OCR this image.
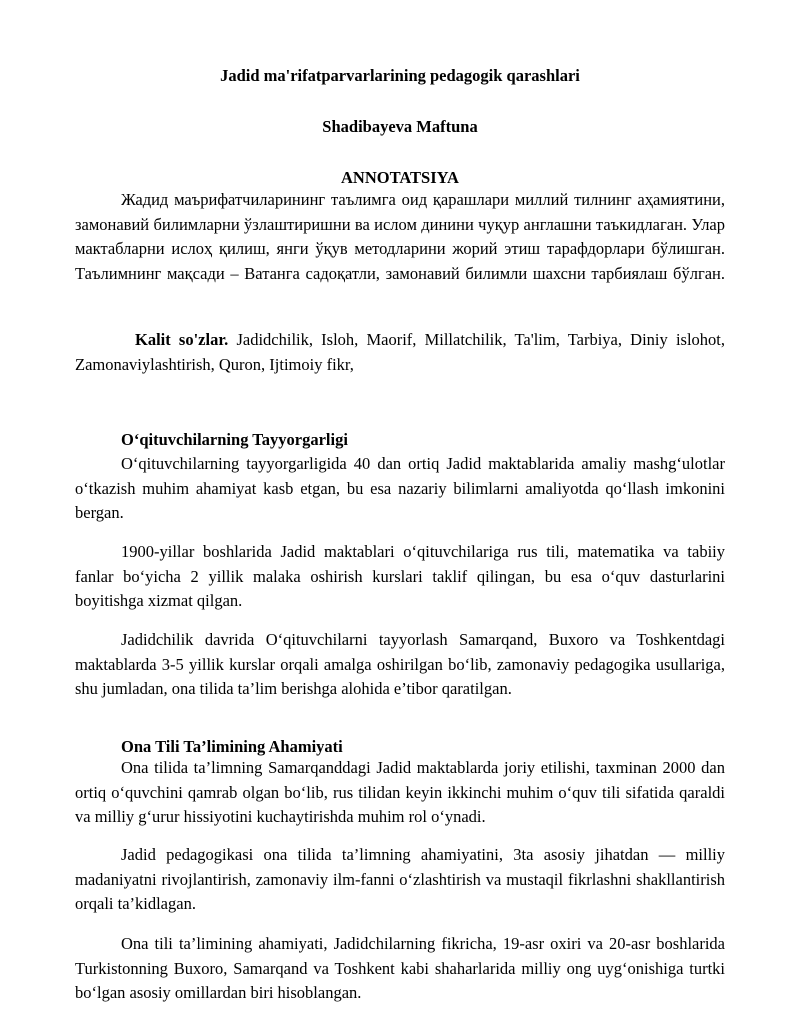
Jadid ma'rifatparvarlarining pedagogik qarashlari

Shadibayeva Maftuna

ANNOTATSIYA

Жадид маърифатчиларининг таълимга оид қарашлари миллий тилнинг аҳамиятини, замонавий билимларни ўзлаштиришни ва ислом динини чуқур англашни таъкидлаган. Улар мактабларни ислоҳ қилиш, янги ўқув методларини жорий этиш тарафдорлари бўлишган. Таълимнинг мақсади – Ватанга садоқатли, замонавий билимли шахсни тарбиялаш бўлган.

Kalit so'zlar. Jadidchilik, Isloh, Maorif, Millatchilik, Ta'lim, Tarbiya, Diniy islohot, Zamonaviylashtirish, Quron, Ijtimoiy fikr,

O‘qituvchilarning Tayyorgarligi

O‘qituvchilarning tayyorgarligida 40 dan ortiq Jadid maktablarida amaliy mashg‘ulotlar o‘tkazish muhim ahamiyat kasb etgan, bu esa nazariy bilimlarni amaliyotda qo‘llash imkonini bergan.

1900-yillar boshlarida Jadid maktablari o‘qituvchilariga rus tili, matematika va tabiiy fanlar bo‘yicha 2 yillik malaka oshirish kurslari taklif qilingan, bu esa o‘quv dasturlarini boyitishga xizmat qilgan.

Jadidchilik davrida O‘qituvchilarni tayyorlash Samarqand, Buxoro va Toshkentdagi maktablarda 3-5 yillik kurslar orqali amalga oshirilgan bo‘lib, zamonaviy pedagogika usullariga, shu jumladan, ona tilida ta’lim berishga alohida e’tibor qaratilgan.

Ona Tili Ta’limining Ahamiyati

Ona tilida ta’limning Samarqanddagi Jadid maktablarda joriy etilishi, taxminan 2000 dan ortiq o‘quvchini qamrab olgan bo‘lib, rus tilidan keyin ikkinchi muhim o‘quv tili sifatida qaraldi va milliy g‘urur hissiyotini kuchaytirishda muhim rol o‘ynadi.

Jadid pedagogikasi ona tilida ta’limning ahamiyatini, 3ta asosiy jihatdan — milliy madaniyatni rivojlantirish, zamonaviy ilm-fanni o‘zlashtirish va mustaqil fikrlashni shakllantirish orqali ta’kidlagan.

Ona tili ta’limining ahamiyati, Jadidchilarning fikricha, 19-asr oxiri va 20-asr boshlarida Turkistonning Buxoro, Samarqand va Toshkent kabi shaharlarida milliy ong uyg‘onishiga turtki bo‘lgan asosiy omillardan biri hisoblangan.
